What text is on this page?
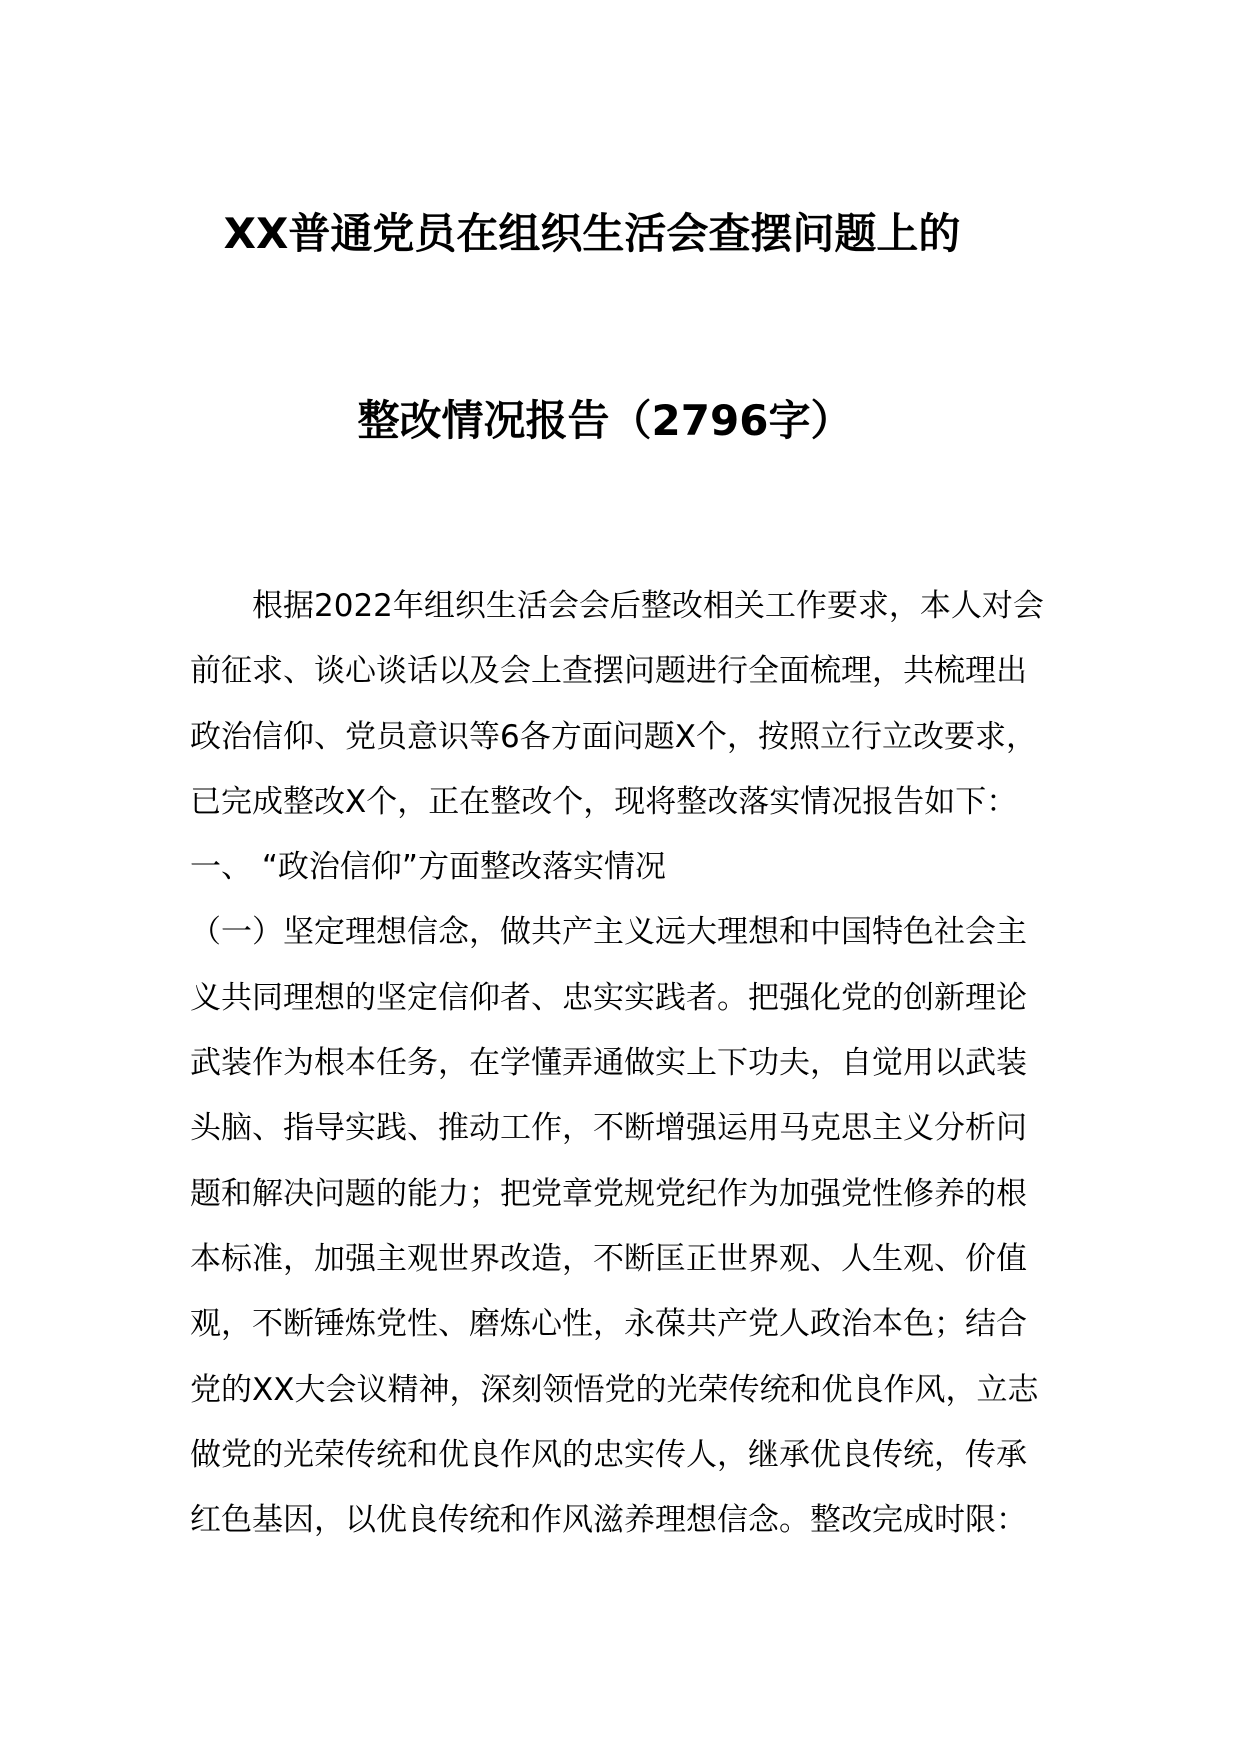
XX普通党员在组织生活会查摆问题上的
整改情况报告（2796字）

根据2022年组织生活会会后整改相关工作要求，本人对会

前征求、谈心谈话以及会上查摆问题进行全面梳理，共梳理出

政治信仰、党员意识等6各方面问题X个，按照立行立改要求，

已完成整改X个，正在整改个，现将整改落实情况报告如下：

一、 “政治信仰”方面整改落实情况

（一）坚定理想信念，做共产主义远大理想和中国特色社会主

义共同理想的坚定信仰者、忠实实践者。把强化党的创新理论

武装作为根本任务，在学懂弄通做实上下功夫，自觉用以武装

头脑、指导实践、推动工作，不断增强运用马克思主义分析问

题和解决问题的能力；把党章党规党纪作为加强党性修养的根

本标准，加强主观世界改造，不断匡正世界观、人生观、价值

观，不断锤炼党性、磨炼心性，永葆共产党人政治本色；结合

党的XX大会议精神，深刻领悟党的光荣传统和优良作风，立志

做党的光荣传统和优良作风的忠实传人，继承优良传统，传承

红色基因，以优良传统和作风滋养理想信念。整改完成时限：
